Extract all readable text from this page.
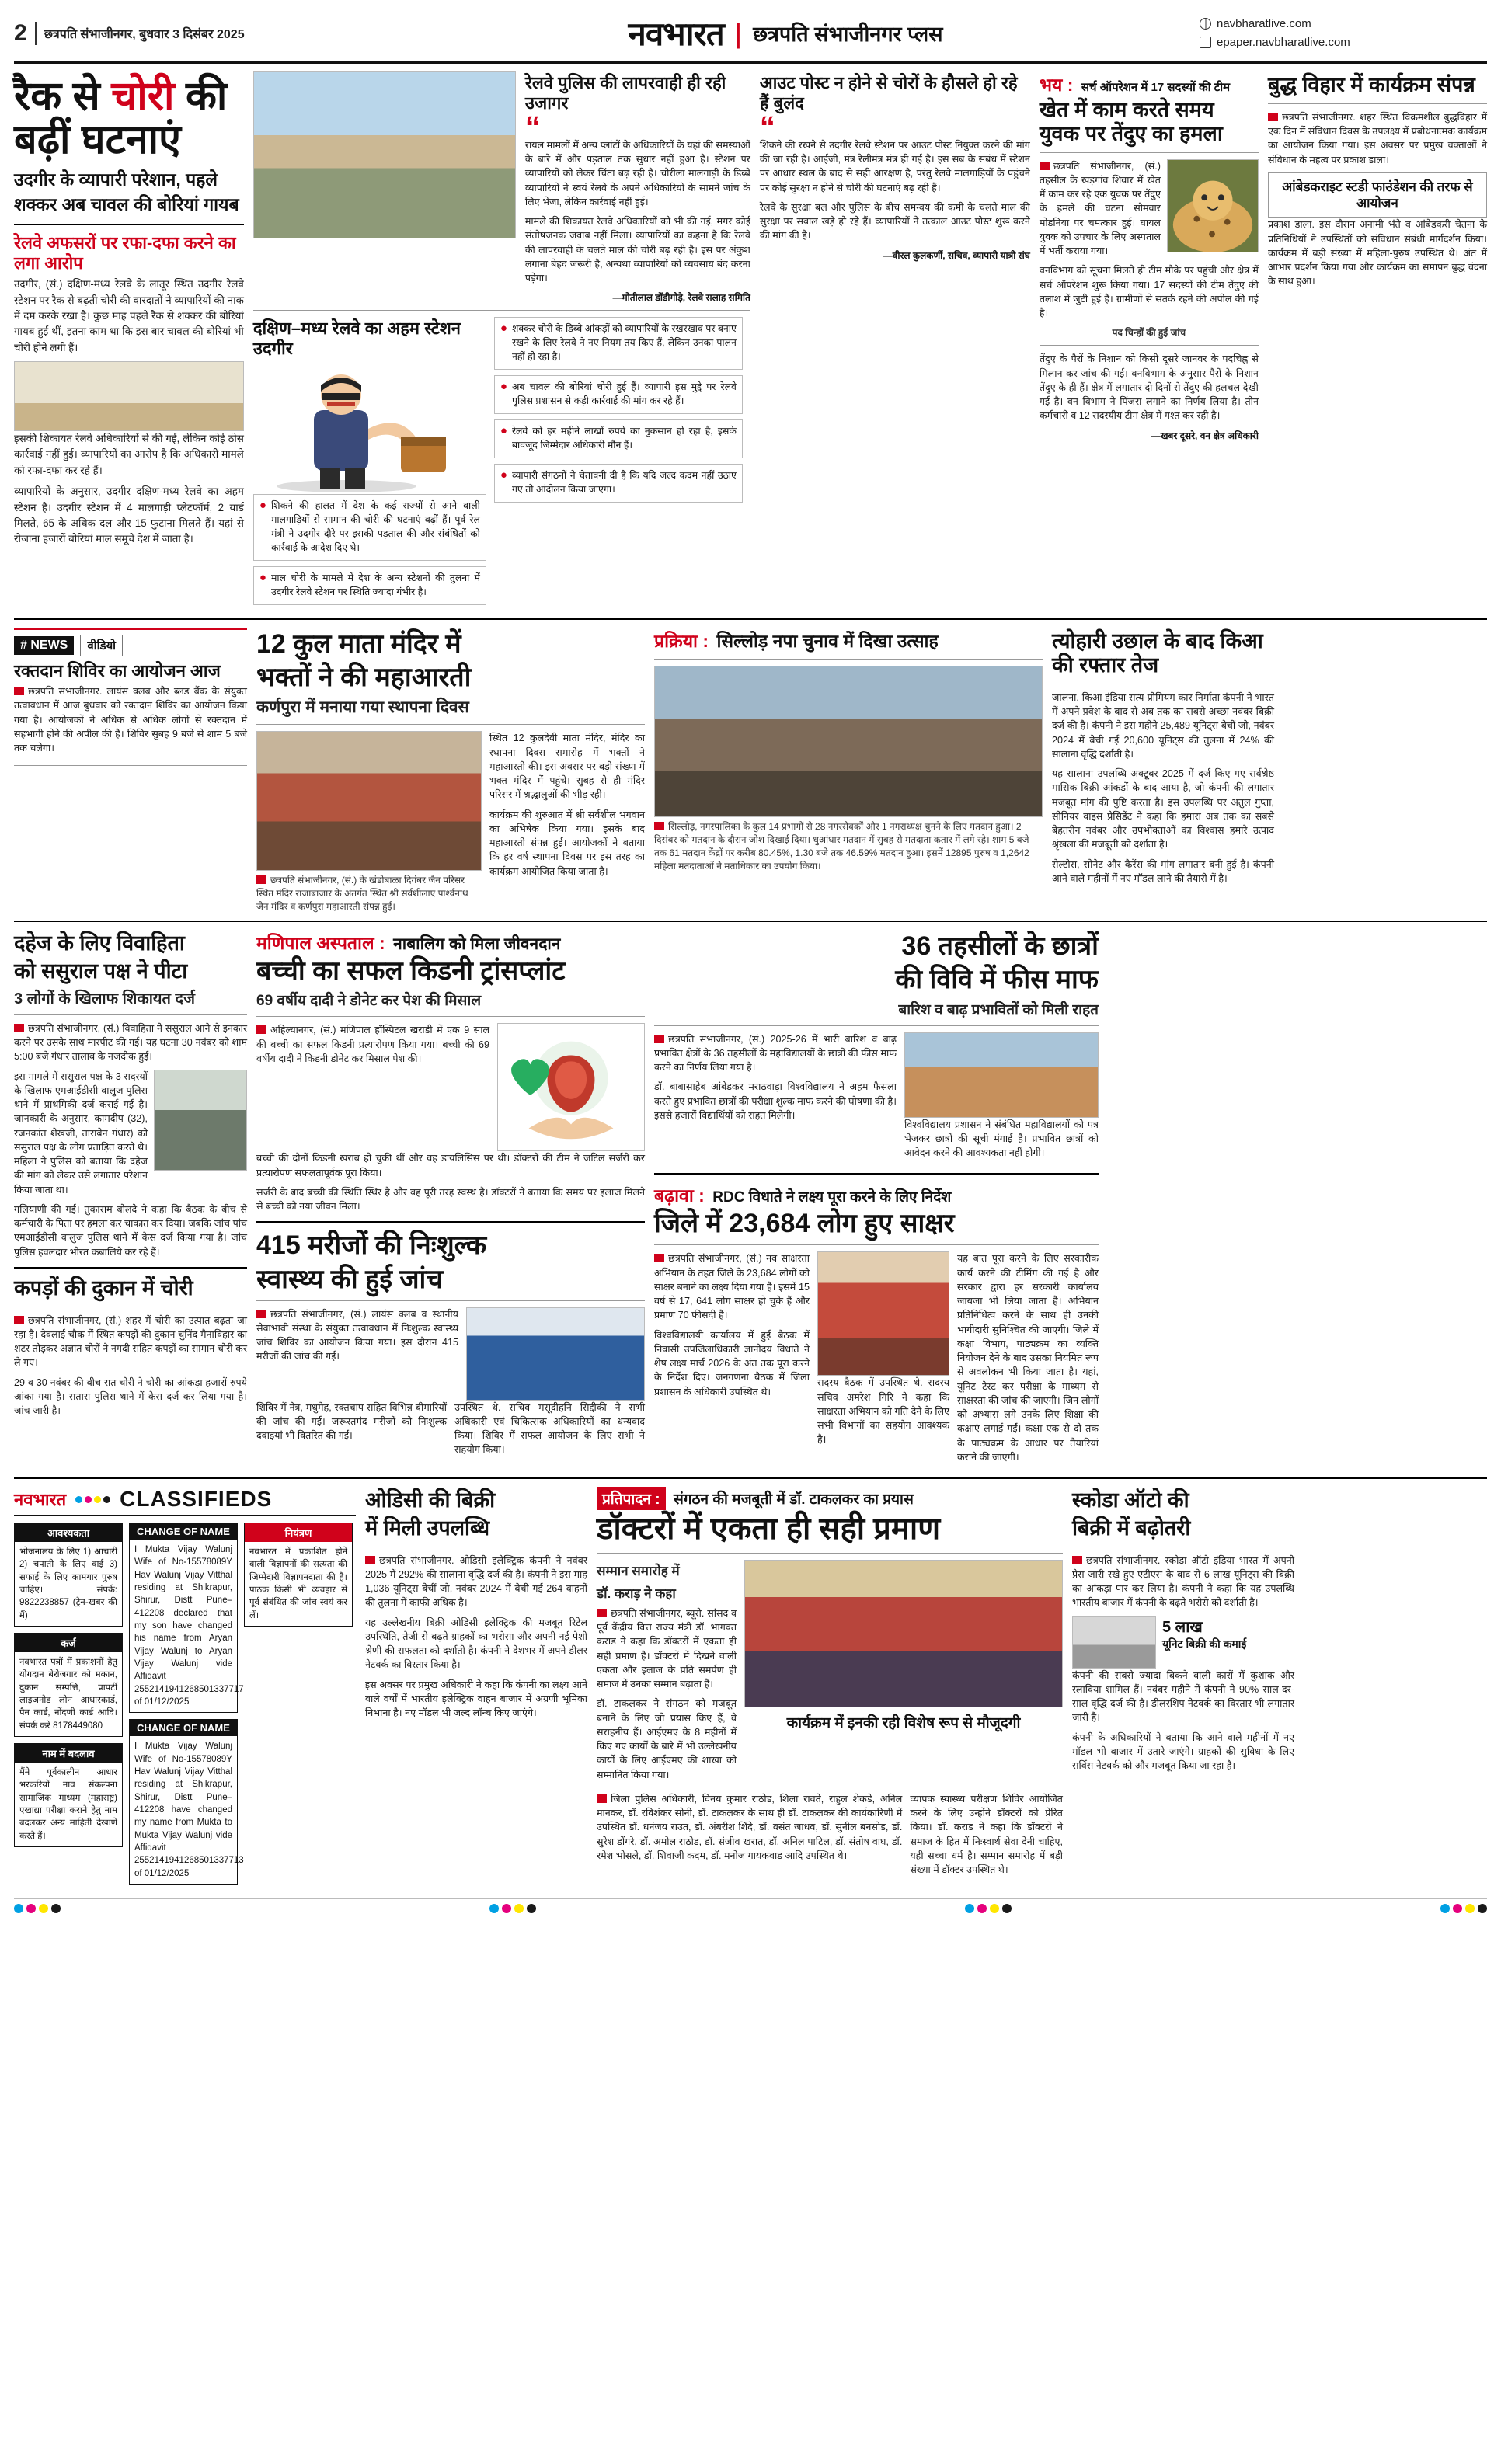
2	छत्रपति संभाजीनगर, बुधवार 3 दिसंबर 2025	नवभारत | छत्रपति संभाजीनगर प्लस	navbharatlive.com
epaper.navbharatlive.com
रैक से चोरी की बढ़ीं घटनाएं
उदगीर के व्यापारी परेशान, पहले शक्कर अब चावल की बोरियां गायब
रेलवे अफसरों पर रफा-दफा करने का लगा आरोप

उदगीर, (सं.) दक्षिण-मध्य रेलवे के लातूर स्थित उदगीर रेलवे स्टेशन पर रैक से बढ़ती चोरी की वारदातों ने व्यापारियों की नाक में दम करके रखा है। कुछ माह पहले रैक से शक्कर की बोरियां गायब हुईं थीं, इतना काम था कि इस बार चावल की बोरियां भी चोरी होने लगी हैं।

इसकी शिकायत रेलवे अधिकारियों से की गई, लेकिन कोई ठोस कार्रवाई नहीं हुई। व्यापारियों का आरोप है कि अधिकारी मामले को रफा-दफा कर रहे हैं।

व्यापारियों के अनुसार, उदगीर दक्षिण-मध्य रेलवे का अहम स्टेशन है। उदगीर स्टेशन में 4 मालगाड़ी प्लेटफॉर्म, 2 यार्ड मिलते, 65 के अधिक दल और 15 फुटाना मिलते हैं। यहां से रोजाना हजारों बोरियां माल समूचे देश में जाता है।

रेलवे पुलिस की लापरवाही ही रही उजागर
“

रायल मामलों में अन्य प्लांटों के अधिकारियों के यहां की समस्याओं के बारे में और पड़ताल तक सुधार नहीं हुआ है। स्टेशन पर व्यापारियों को लेकर चिंता बढ़ रही है। चोरीला मालगाड़ी के डिब्बे व्यापारियों ने स्वयं रेलवे के अपने अधिकारियों के सामने जांच के लिए भेजा, लेकिन कार्रवाई नहीं हुई।

मामले की शिकायत रेलवे अधिकारियों को भी की गई, मगर कोई संतोषजनक जवाब नहीं मिला। व्यापारियों का कहना है कि रेलवे की लापरवाही के चलते माल की चोरी बढ़ रही है। इस पर अंकुश लगाना बेहद जरूरी है, अन्यथा व्यापारियों को व्यवसाय बंद करना पड़ेगा।

—मोतीलाल डोंडीगोड़े, रेलवे सलाह समिति
दक्षिण–मध्य रेलवे का अहम स्टेशन उदगीर
● शिकने की हालत में देश के कई राज्यों से आने वाली मालगाड़ियों से सामान की चोरी की घटनाएं बढ़ीं हैं। पूर्व रेल मंत्री ने उदगीर दौरे पर इसकी पड़ताल की और संबंधितों को कार्रवाई के आदेश दिए थे।
● माल चोरी के मामले में देश के अन्य स्टेशनों की तुलना में उदगीर रेलवे स्टेशन पर स्थिति ज्यादा गंभीर है।
● शक्कर चोरी के डिब्बे आंकड़ों को व्यापारियों के रखरखाव पर बनाए रखने के लिए रेलवे ने नए नियम तय किए हैं, लेकिन उनका पालन नहीं हो रहा है।
● अब चावल की बोरियां चोरी हुई हैं। व्यापारी इस मुद्दे पर रेलवे पुलिस प्रशासन से कड़ी कार्रवाई की मांग कर रहे हैं।
● रेलवे को हर महीने लाखों रुपये का नुकसान हो रहा है, इसके बावजूद जिम्मेदार अधिकारी मौन हैं।
● व्यापारी संगठनों ने चेतावनी दी है कि यदि जल्द कदम नहीं उठाए गए तो आंदोलन किया जाएगा।
आउट पोस्ट न होने से चोरों के हौसले हो रहे हैं बुलंद
“

शिकने की रखने से उदगीर रेलवे स्टेशन पर आउट पोस्ट नियुक्त करने की मांग की जा रही है। आईजी, मंत्र रेलीमंत्र मंत्र ही गई है। इस सब के संबंध में स्टेशन पर आधार स्थल के बाद से सही आरक्षण है, परंतु रेलवे मालगाड़ियों के पहुंचने पर कोई सुरक्षा न होने से चोरी की घटनाएं बढ़ रही हैं।

रेलवे के सुरक्षा बल और पुलिस के बीच समन्वय की कमी के चलते माल की सुरक्षा पर सवाल खड़े हो रहे हैं। व्यापारियों ने तत्काल आउट पोस्ट शुरू करने की मांग की है।

—वीरल कुलकर्णी, सचिव, व्यापारी यात्री संघ
भय : सर्च ऑपरेशन में 17 सदस्यों की टीम
खेत में काम करते समय युवक पर तेंदुए का हमला

छत्रपति संभाजीनगर, (सं.) तहसील के खड़गांव शिवार में खेत में काम कर रहे एक युवक पर तेंदुए के हमले की घटना सोमवार मोडनिया पर चमत्कार हुई। घायल युवक को उपचार के लिए अस्पताल में भर्ती कराया गया।

वनविभाग को सूचना मिलते ही टीम मौके पर पहुंची और क्षेत्र में सर्च ऑपरेशन शुरू किया गया। 17 सदस्यों की टीम तेंदुए की तलाश में जुटी हुई है। ग्रामीणों से सतर्क रहने की अपील की गई है।

पद चिन्हों की हुई जांच

तेंदुए के पैरों के निशान को किसी दूसरे जानवर के पदचिह्न से मिलान कर जांच की गई। वनविभाग के अनुसार पैरों के निशान तेंदुए के ही हैं। क्षेत्र में लगातार दो दिनों से तेंदुए की हलचल देखी गई है। वन विभाग ने पिंजरा लगाने का निर्णय लिया है। तीन कर्मचारी व 12 सदस्यीय टीम क्षेत्र में गश्त कर रही है।

—खबर दूसरे, वन क्षेत्र अधिकारी
बुद्ध विहार में कार्यक्रम संपन्न

छत्रपति संभाजीनगर. शहर स्थित विक्रमशील बुद्धविहार में एक दिन में संविधान दिवस के उपलक्ष्य में प्रबोधनात्मक कार्यक्रम का आयोजन किया गया। इस अवसर पर प्रमुख वक्ताओं ने संविधान के महत्व पर प्रकाश डाला।

आंबेडकराइट स्टडी फाउंडेशन की तरफ से आयोजन

प्रकाश डाला. इस दौरान अनामी भंते व आंबेडकरी चेतना के प्रतिनिधियों ने उपस्थितों को संविधान संबंधी मार्गदर्शन किया। कार्यक्रम में बड़ी संख्या में महिला-पुरुष उपस्थित थे। अंत में आभार प्रदर्शन किया गया और कार्यक्रम का समापन बुद्ध वंदना के साथ हुआ।

# NEWS	वीडियो
रक्तदान शिविर का आयोजन आज

छत्रपति संभाजीनगर. लायंस क्लब और ब्लड बैंक के संयुक्त तत्वावधान में आज बुधवार को रक्तदान शिविर का आयोजन किया गया है। आयोजकों ने अधिक से अधिक लोगों से रक्तदान में सहभागी होने की अपील की है। शिविर सुबह 9 बजे से शाम 5 बजे तक चलेगा।

12 कुल माता मंदिर में
भक्तों ने की महाआरती
कर्णपुरा में मनाया गया स्थापना दिवस
छत्रपति संभाजीनगर, (सं.) के खंडोबाळा दिगंबर जैन परिसर स्थित मंदिर राजाबाजार के अंतर्गत स्थित श्री सर्वशीलाए पार्श्वनाथ जैन मंदिर व कर्णपुरा महाआरती संपन्न हुई।

स्थित 12 कुलदेवी माता मंदिर, मंदिर का स्थापना दिवस समारोह में भक्तों ने महाआरती की। इस अवसर पर बड़ी संख्या में भक्त मंदिर में पहुंचे। सुबह से ही मंदिर परिसर में श्रद्धालुओं की भीड़ रही।

कार्यक्रम की शुरुआत में श्री सर्वशील भगवान का अभिषेक किया गया। इसके बाद महाआरती संपन्न हुई। आयोजकों ने बताया कि हर वर्ष स्थापना दिवस पर इस तरह का कार्यक्रम आयोजित किया जाता है।

प्रक्रिया : सिल्लोड़ नपा चुनाव में दिखा उत्साह
सिल्लोड़, नगरपालिका के कुल 14 प्रभागों से 28 नगरसेवकों और 1 नगराध्यक्ष चुनने के लिए मतदान हुआ। 2 दिसंबर को मतदान के दौरान जोश दिखाई दिया। धुआंधार मतदान में सुबह से मतदाता कतार में लगे रहे। शाम 5 बजे तक 61 मतदान केंद्रों पर करीब 80.45%, 1.30 बजे तक 46.59% मतदान हुआ। इसमें 12895 पुरुष व 1,2642 महिला मतदाताओं ने मताधिकार का उपयोग किया।
त्योहारी उछाल के बाद किआ की रफ्तार तेज

जालना. किआ इंडिया सत्य-प्रीमियम कार निर्माता कंपनी ने भारत में अपने प्रवेश के बाद से अब तक का सबसे अच्छा नवंबर बिक्री दर्ज की है। कंपनी ने इस महीने 25,489 यूनिट्स बेचीं जो, नवंबर 2024 में बेची गई 20,600 यूनिट्स की तुलना में 24% की सालाना वृद्धि दर्शाती है।

यह सालाना उपलब्धि अक्टूबर 2025 में दर्ज किए गए सर्वश्रेष्ठ मासिक बिक्री आंकड़ों के बाद आया है, जो कंपनी की लगातार मजबूत मांग की पुष्टि करता है। इस उपलब्धि पर अतुल गुप्ता, सीनियर वाइस प्रेसिडेंट ने कहा कि हमारा अब तक का सबसे बेहतरीन नवंबर और उपभोक्ताओं का विश्वास हमारे उत्पाद श्रृंखला की मजबूती को दर्शाता है।

सेल्टोस, सोनेट और कैरेंस की मांग लगातार बनी हुई है। कंपनी आने वाले महीनों में नए मॉडल लाने की तैयारी में है।

दहेज के लिए विवाहिता
को ससुराल पक्ष ने पीटा
3 लोगों के खिलाफ शिकायत दर्ज

छत्रपति संभाजीनगर, (सं.) विवाहिता ने ससुराल आने से इनकार करने पर उसके साथ मारपीट की गई। यह घटना 30 नवंबर को शाम 5:00 बजे गंधार तालाब के नजदीक हुई।

इस मामले में ससुराल पक्ष के 3 सदस्यों के खिलाफ एमआईडीसी वालुज पुलिस थाने में प्राथमिकी दर्ज कराई गई है। जानकारी के अनुसार, कामदीप (32), रजनकांत शेखजी, ताराबेन गंधार) को ससुराल पक्ष के लोग प्रताड़ित करते थे। महिला ने पुलिस को बताया कि दहेज की मांग को लेकर उसे लगातार परेशान किया जाता था।

गलियाणी की गई। तुकाराम बोलदे ने कहा कि बैठक के बीच से कर्मचारी के पिता पर हमला कर चाकात कर दिया। जबकि जांच पांच एमआईडीसी वालुज पुलिस थाने में केस दर्ज किया गया है। जांच पुलिस हवलदार भीरत कबालिये कर रहे हैं।

कपड़ों की दुकान में चोरी

छत्रपति संभाजीनगर, (सं.) शहर में चोरी का उत्पात बढ़ता जा रहा है। देवलाई चौक में स्थित कपड़ों की दुकान चुनिंद मैनाविहार का शटर तोड़कर अज्ञात चोरों ने नगदी सहित कपड़ों का सामान चोरी कर ले गए।

29 व 30 नवंबर की बीच रात चोरी ने चोरी का आंकड़ा हजारों रुपये आंका गया है। सतारा पुलिस थाने में केस दर्ज कर लिया गया है। जांच जारी है।

मणिपाल अस्पताल : नाबालिग को मिला जीवनदान
बच्ची का सफल किडनी ट्रांसप्लांट
69 वर्षीय दादी ने डोनेट कर पेश की मिसाल

अहिल्यानगर, (सं.) मणिपाल हॉस्पिटल खराडी में एक 9 साल की बच्ची का सफल किडनी प्रत्यारोपण किया गया। बच्ची की 69 वर्षीय दादी ने किडनी डोनेट कर मिसाल पेश की।

बच्ची की दोनों किडनी खराब हो चुकी थीं और वह डायलिसिस पर थी। डॉक्टरों की टीम ने जटिल सर्जरी कर प्रत्यारोपण सफलतापूर्वक पूरा किया।

सर्जरी के बाद बच्ची की स्थिति स्थिर है और वह पूरी तरह स्वस्थ है। डॉक्टरों ने बताया कि समय पर इलाज मिलने से बच्ची को नया जीवन मिला।

415 मरीजों की निःशुल्क
स्वास्थ्य की हुई जांच

छत्रपति संभाजीनगर, (सं.) लायंस क्लब व स्थानीय सेवाभावी संस्था के संयुक्त तत्वावधान में निःशुल्क स्वास्थ्य जांच शिविर का आयोजन किया गया। इस दौरान 415 मरीजों की जांच की गई।

शिविर में नेत्र, मधुमेह, रक्तचाप सहित विभिन्न बीमारियों की जांच की गई। जरूरतमंद मरीजों को निःशुल्क दवाइयां भी वितरित की गईं।

उपस्थित थे. सचिव मसूदीहनि सिद्दीकी ने सभी अधिकारी एवं चिकित्सक अधिकारियों का धन्यवाद किया। शिविर में सफल आयोजन के लिए सभी ने सहयोग किया।

36 तहसीलों के छात्रों
की विवि में फीस माफ
बारिश व बाढ़ प्रभावितों को मिली राहत

छत्रपति संभाजीनगर, (सं.) 2025-26 में भारी बारिश व बाढ़ प्रभावित क्षेत्रों के 36 तहसीलों के महाविद्यालयों के छात्रों की फीस माफ करने का निर्णय लिया गया है।

डॉ. बाबासाहेब आंबेडकर मराठवाड़ा विश्वविद्यालय ने अहम फैसला करते हुए प्रभावित छात्रों की परीक्षा शुल्क माफ करने की घोषणा की है। इससे हजारों विद्यार्थियों को राहत मिलेगी।

विश्वविद्यालय प्रशासन ने संबंधित महाविद्यालयों को पत्र भेजकर छात्रों की सूची मंगाई है। प्रभावित छात्रों को आवेदन करने की आवश्यकता नहीं होगी।

बढ़ावा : RDC विधाते ने लक्ष्य पूरा करने के लिए निर्देश
जिले में 23,684 लोग हुए साक्षर

छत्रपति संभाजीनगर, (सं.) नव साक्षरता अभियान के तहत जिले के 23,684 लोगों को साक्षर बनाने का लक्ष्य दिया गया है। इसमें 15 वर्ष से 17, 641 लोग साक्षर हो चुके हैं और प्रमाण 70 फीसदी है।

विश्वविद्यालयी कार्यालय में हुई बैठक में निवासी उपजिलाधिकारी ज्ञानोदय विधाते ने शेष लक्ष्य मार्च 2026 के अंत तक पूरा करने के निर्देश दिए। जनगणना बैठक में जिला प्रशासन के अधिकारी उपस्थित थे।

सदस्य बैठक में उपस्थित थे. सदस्य सचिव अमरेश गिरि ने कहा कि साक्षरता अभियान को गति देने के लिए सभी विभागों का सहयोग आवश्यक है।

यह बात पूरा करने के लिए सरकारीक कार्य करने की टीमिंग की गई है और सरकार द्वारा हर सरकारी कार्यालय जायजा भी लिया जाता है। अभियान प्रतिनिधित्व करने के साथ ही उनकी भागीदारी सुनिश्चित की जाएगी। जिले में कक्षा विभाग, पाठ्यक्रम का व्यक्ति नियोजन देने के बाद उसका नियमित रूप से अवलोकन भी किया जाता है। यहां, यूनिट टेस्ट कर परीक्षा के माध्यम से साक्षरता की जांच की जाएगी। जिन लोगों को अभ्यास लगे उनके लिए शिक्षा की कक्षाएं लगाई गईं। कक्षा एक से दो तक के पाठ्यक्रम के आधार पर तैयारियां कराने की जाएगी।

नवभारत CLASSIFIEDS
आवश्यकता
भोजनालय के लिए 1) आचारी 2) चपाती के लिए वाई 3) सफाई के लिए कामगार पुरुष चाहिए। संपर्क: 9822238857 (ट्रेन-खबर की मैं)
कर्ज
नवभारत पत्रों में प्रकाशनों हेतु योगदान बेरोजगार को मकान, दुकान सम्पत्ति, प्रापर्टी लाइजनोड लोन आधारकार्ड, पैन कार्ड, नोंदणी कार्ड आदि। संपर्क करें 8178449080
नाम में बदलाव
मैंने पूर्वकालीन आधार भरकरियों नाव संकल्पना सामाजिक माध्यम (महाराष्ट्र) एखाद्या परीक्षा कराने हेतु नाम बदलकर अन्य माहिती देखाणे करते हैं।
CHANGE OF NAME
I Mukta Vijay Walunj Wife of No-15578089Y Hav Walunj Vijay Vitthal residing at Shikrapur, Shirur, Distt Pune–412208 declared that my son have changed his name from Aryan Vijay Walunj to Aryan Vijay Walunj vide Affidavit 2552141941268501337717 of 01/12/2025
CHANGE OF NAME
I Mukta Vijay Walunj Wife of No-15578089Y Hav Walunj Vijay Vitthal residing at Shikrapur, Shirur, Distt Pune–412208 have changed my name from Mukta to Mukta Vijay Walunj vide Affidavit 2552141941268501337713 of 01/12/2025
नियंत्रण
नवभारत में प्रकाशित होने वाली विज्ञापनों की सत्यता की जिम्मेदारी विज्ञापनदाता की है। पाठक किसी भी व्यवहार से पूर्व संबंधित की जांच स्वयं कर लें।
ओडिसी की बिक्री
में मिली उपलब्धि

छत्रपति संभाजीनगर. ओडिसी इलेक्ट्रिक कंपनी ने नवंबर 2025 में 292% की सालाना वृद्धि दर्ज की है। कंपनी ने इस माह 1,036 यूनिट्स बेचीं जो, नवंबर 2024 में बेची गई 264 वाहनों की तुलना में काफी अधिक है।

यह उल्लेखनीय बिक्री ओडिसी इलेक्ट्रिक की मजबूत रिटेल उपस्थिति, तेजी से बढ़ते ग्राहकों का भरोसा और अपनी नई पेशी श्रेणी की सफलता को दर्शाती है। कंपनी ने देशभर में अपने डीलर नेटवर्क का विस्तार किया है।

इस अवसर पर प्रमुख अधिकारी ने कहा कि कंपनी का लक्ष्य आने वाले वर्षों में भारतीय इलेक्ट्रिक वाहन बाजार में अग्रणी भूमिका निभाना है। नए मॉडल भी जल्द लॉन्च किए जाएंगे।

प्रतिपादन : संगठन की मजबूती में डॉ. टाकलकर का प्रयास
डॉक्टरों में एकता ही सही प्रमाण
सम्मान समारोह में
डॉ. कराड़ ने कहा

छत्रपति संभाजीनगर, ब्यूरो. सांसद व पूर्व केंद्रीय वित्त राज्य मंत्री डॉ. भागवत कराड ने कहा कि डॉक्टरों में एकता ही सही प्रमाण है। डॉक्टरों में दिखने वाली एकता और इलाज के प्रति समर्पण ही समाज में उनका सम्मान बढ़ाता है।

डॉ. टाकलकर ने संगठन को मजबूत बनाने के लिए जो प्रयास किए हैं, वे सराहनीय हैं। आईएमए के 8 महीनों में किए गए कार्यों के बारे में भी उल्लेखनीय कार्यों के लिए आईएमए की शाखा को सम्मानित किया गया।

कार्यक्रम में इनकी रही विशेष रूप से मौजूदगी

जिला पुलिस अधिकारी, विनय कुमार राठोड, शिला रावते, राहुल शेकडे, अनिल मानकर, डॉ. रविशंकर सोनी, डॉ. टाकलकर के साथ ही डॉ. टाकलकर की कार्यकारिणी में उपस्थित डॉ. धनंजय राउत, डॉ. अंबरीश शिंदे, डॉ. वसंत जाधव, डॉ. सुनील बनसोड, डॉ. सुरेश डोंगरे, डॉ. अमोल राठोड, डॉ. संजीव खरात, डॉ. अनिल पाटिल, डॉ. संतोष वाघ, डॉ. रमेश भोसले, डॉ. शिवाजी कदम, डॉ. मनोज गायकवाड आदि उपस्थित थे।

व्यापक स्वास्थ्य परीक्षण शिविर आयोजित करने के लिए उन्होंने डॉक्टरों को प्रेरित किया। डॉ. कराड ने कहा कि डॉक्टरों ने समाज के हित में निःस्वार्थ सेवा देनी चाहिए, यही सच्चा धर्म है। सम्मान समारोह में बड़ी संख्या में डॉक्टर उपस्थित थे।

स्कोडा ऑटो की
बिक्री में बढ़ोतरी

छत्रपति संभाजीनगर. स्कोडा ऑटो इंडिया भारत में अपनी प्रेस जारी रखे हुए एटीएस के बाद से 6 लाख यूनिट्स की बिक्री का आंकड़ा पार कर लिया है। कंपनी ने कहा कि यह उपलब्धि भारतीय बाजार में कंपनी के बढ़ते भरोसे को दर्शाती है।

5 लाख
यूनिट बिक्री की कमाई

कंपनी की सबसे ज्यादा बिकने वाली कारों में कुशाक और स्लाविया शामिल हैं। नवंबर महीने में कंपनी ने 90% साल-दर-साल वृद्धि दर्ज की है। डीलरशिप नेटवर्क का विस्तार भी लगातार जारी है।

कंपनी के अधिकारियों ने बताया कि आने वाले महीनों में नए मॉडल भी बाजार में उतारे जाएंगे। ग्राहकों की सुविधा के लिए सर्विस नेटवर्क को और मजबूत किया जा रहा है।
